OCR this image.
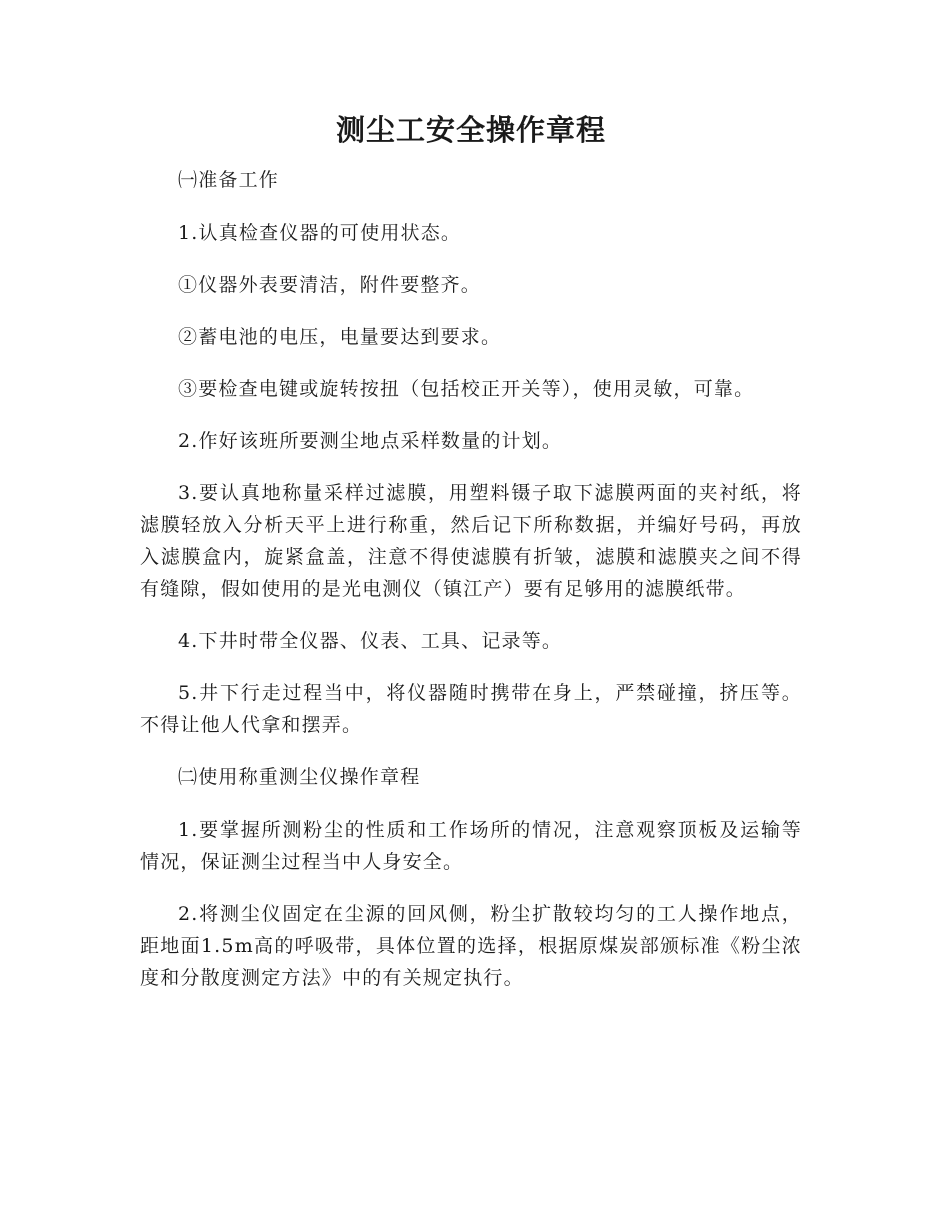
测尘工安全操作章程

㈠准备工作

1.认真检查仪器的可使用状态。

①仪器外表要清洁，附件要整齐。

②蓄电池的电压，电量要达到要求。

③要检查电键或旋转按扭（包括校正开关等），使用灵敏，可靠。

2.作好该班所要测尘地点采样数量的计划。

3.要认真地称量采样过滤膜，用塑料镊子取下滤膜两面的夹衬纸，将滤膜轻放入分析天平上进行称重，然后记下所称数据，并编好号码，再放入滤膜盒内，旋紧盒盖，注意不得使滤膜有折皱，滤膜和滤膜夹之间不得有缝隙，假如使用的是光电测仪（镇江产）要有足够用的滤膜纸带。

4.下井时带全仪器、仪表、工具、记录等。

5.井下行走过程当中，将仪器随时携带在身上，严禁碰撞，挤压等。不得让他人代拿和摆弄。

㈡使用称重测尘仪操作章程

1.要掌握所测粉尘的性质和工作场所的情况，注意观察顶板及运输等情况，保证测尘过程当中人身安全。

2.将测尘仪固定在尘源的回风侧，粉尘扩散较均匀的工人操作地点，距地面1.5m高的呼吸带，具体位置的选择，根据原煤炭部颁标准《粉尘浓度和分散度测定方法》中的有关规定执行。
